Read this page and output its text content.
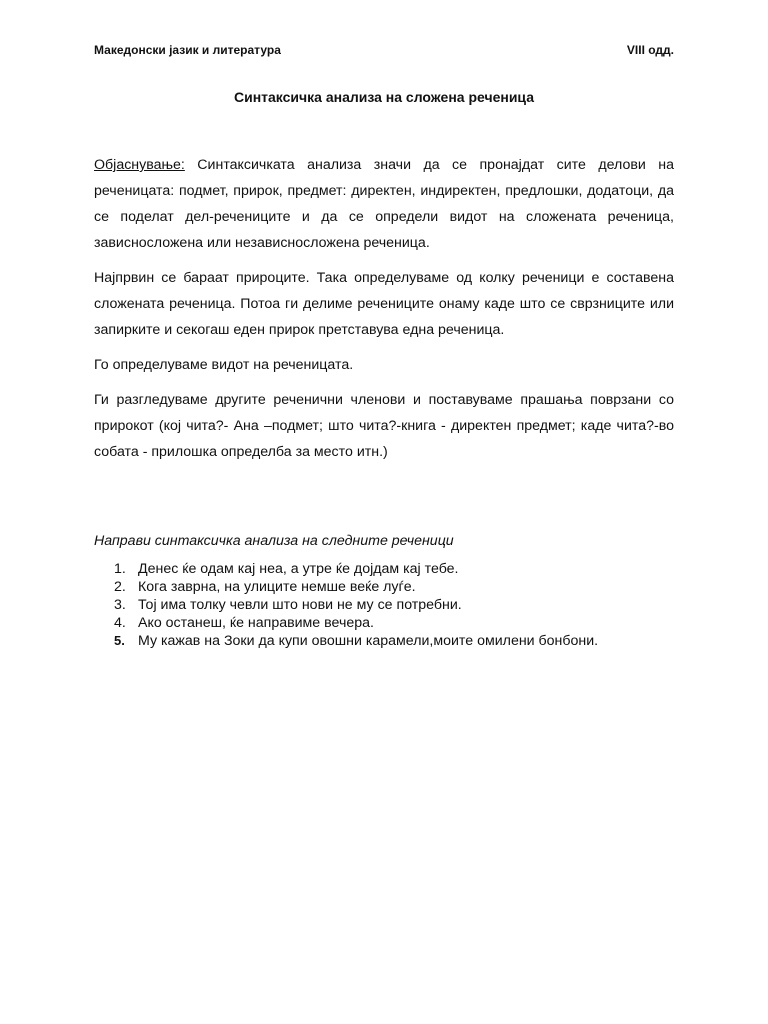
Македонски јазик и литература	VIII одд.
Синтаксичка анализа на сложена реченица

Објаснување: Синтаксичката анализа значи да се пронајдат сите делови на реченицата: подмет, прирок, предмет: директен, индиректен, предлошки, додатоци, да се поделат дел-речениците и да се определи видот на сложената реченица, зависносложена или независносложена реченица.

Најпрвин се бараат прироците. Така определуваме од колку реченици е составена сложената реченица. Потоа ги делиме речениците онаму каде што се сврзниците или запирките и секогаш еден прирок претставува една реченица.

Го определуваме видот на реченицата.

Ги разгледуваме другите реченични членови и поставуваме прашања поврзани со прирокот (кој чита?- Ана –подмет; што чита?-книга - директен предмет; каде чита?-во собата - прилошка определба за место итн.)

Направи синтаксичка анализа на следните реченици
1. Денес ќе одам кај неа, а утре ќе дојдам кај тебе.
2. Кога заврна, на улиците немше веќе луѓе.
3. Тој има толку чевли што нови не му се потребни.
4. Ако останеш, ќе направиме вечера.
5. Му кажав на Зоки да купи овошни карамели,моите омилени бонбони.
